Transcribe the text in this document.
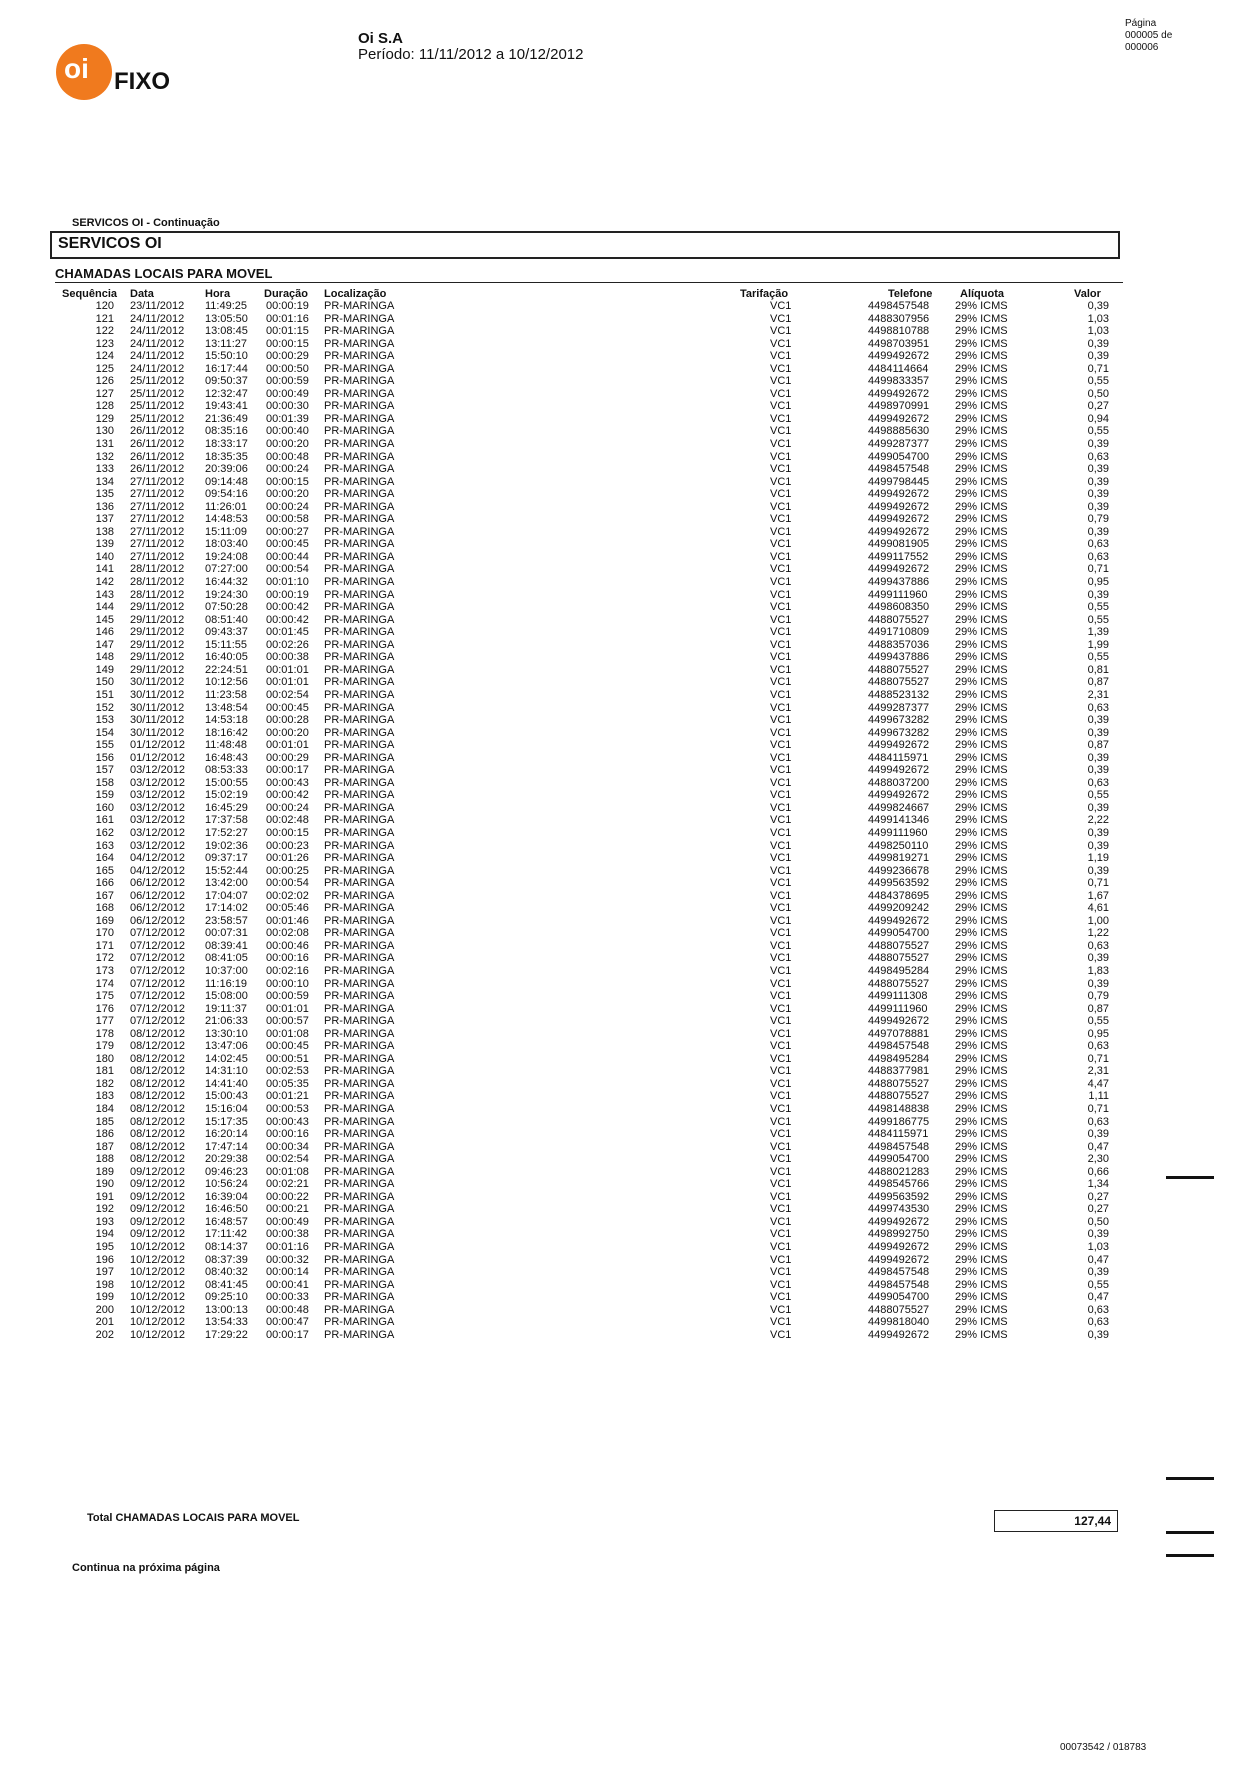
oi FIXO
Oi S.A
Período: 11/11/2012 a 10/12/2012
Página
000005 de
000006
SERVICOS OI - Continuação
SERVICOS OI
CHAMADAS LOCAIS PARA MOVEL
Sequência Data	Hora	Duração Localização	Tarifação	Telefone	Alíquota	Valor
120 23/11/2012 11:49:25 00:00:19 PR-MARINGA	VC1	4498457548 29% ICMS	0,39
121 24/11/2012 13:05:50 00:01:16 PR-MARINGA	VC1	4488307956 29% ICMS	1,03
122 24/11/2012 13:08:45 00:01:15 PR-MARINGA	VC1	4498810788 29% ICMS	1,03
123 24/11/2012 13:11:27 00:00:15 PR-MARINGA	VC1	4498703951 29% ICMS	0,39
124 24/11/2012 15:50:10 00:00:29 PR-MARINGA	VC1	4499492672 29% ICMS	0,39
125 24/11/2012 16:17:44 00:00:50 PR-MARINGA	VC1	4484114664 29% ICMS	0,71
126 25/11/2012 09:50:37 00:00:59 PR-MARINGA	VC1	4499833357 29% ICMS	0,55
127 25/11/2012 12:32:47 00:00:49 PR-MARINGA	VC1	4499492672 29% ICMS	0,50
128 25/11/2012 19:43:41 00:00:30 PR-MARINGA	VC1	4498970991 29% ICMS	0,27
129 25/11/2012 21:36:49 00:01:39 PR-MARINGA	VC1	4499492672 29% ICMS	0,94
130 26/11/2012 08:35:16 00:00:40 PR-MARINGA	VC1	4498885630 29% ICMS	0,55
131 26/11/2012 18:33:17 00:00:20 PR-MARINGA	VC1	4499287377 29% ICMS	0,39
132 26/11/2012 18:35:35 00:00:48 PR-MARINGA	VC1	4499054700 29% ICMS	0,63
133 26/11/2012 20:39:06 00:00:24 PR-MARINGA	VC1	4498457548 29% ICMS	0,39
134 27/11/2012 09:14:48 00:00:15 PR-MARINGA	VC1	4499798445 29% ICMS	0,39
135 27/11/2012 09:54:16 00:00:20 PR-MARINGA	VC1	4499492672 29% ICMS	0,39
136 27/11/2012 11:26:01 00:00:24 PR-MARINGA	VC1	4499492672 29% ICMS	0,39
137 27/11/2012 14:48:53 00:00:58 PR-MARINGA	VC1	4499492672 29% ICMS	0,79
138 27/11/2012 15:11:09 00:00:27 PR-MARINGA	VC1	4499492672 29% ICMS	0,39
139 27/11/2012 18:03:40 00:00:45 PR-MARINGA	VC1	4499081905 29% ICMS	0,63
140 27/11/2012 19:24:08 00:00:44 PR-MARINGA	VC1	4499117552 29% ICMS	0,63
141 28/11/2012 07:27:00 00:00:54 PR-MARINGA	VC1	4499492672 29% ICMS	0,71
142 28/11/2012 16:44:32 00:01:10 PR-MARINGA	VC1	4499437886 29% ICMS	0,95
143 28/11/2012 19:24:30 00:00:19 PR-MARINGA	VC1	4499111960 29% ICMS	0,39
144 29/11/2012 07:50:28 00:00:42 PR-MARINGA	VC1	4498608350 29% ICMS	0,55
145 29/11/2012 08:51:40 00:00:42 PR-MARINGA	VC1	4488075527 29% ICMS	0,55
146 29/11/2012 09:43:37 00:01:45 PR-MARINGA	VC1	4491710809 29% ICMS	1,39
147 29/11/2012 15:11:55 00:02:26 PR-MARINGA	VC1	4488357036 29% ICMS	1,99
148 29/11/2012 16:40:05 00:00:38 PR-MARINGA	VC1	4499437886 29% ICMS	0,55
149 29/11/2012 22:24:51 00:01:01 PR-MARINGA	VC1	4488075527 29% ICMS	0,81
150 30/11/2012 10:12:56 00:01:01 PR-MARINGA	VC1	4488075527 29% ICMS	0,87
151 30/11/2012 11:23:58 00:02:54 PR-MARINGA	VC1	4488523132 29% ICMS	2,31
152 30/11/2012 13:48:54 00:00:45 PR-MARINGA	VC1	4499287377 29% ICMS	0,63
153 30/11/2012 14:53:18 00:00:28 PR-MARINGA	VC1	4499673282 29% ICMS	0,39
154 30/11/2012 18:16:42 00:00:20 PR-MARINGA	VC1	4499673282 29% ICMS	0,39
155 01/12/2012 11:48:48 00:01:01 PR-MARINGA	VC1	4499492672 29% ICMS	0,87
156 01/12/2012 16:48:43 00:00:29 PR-MARINGA	VC1	4484115971 29% ICMS	0,39
157 03/12/2012 08:53:33 00:00:17 PR-MARINGA	VC1	4499492672 29% ICMS	0,39
158 03/12/2012 15:00:55 00:00:43 PR-MARINGA	VC1	4488037200 29% ICMS	0,63
159 03/12/2012 15:02:19 00:00:42 PR-MARINGA	VC1	4499492672 29% ICMS	0,55
160 03/12/2012 16:45:29 00:00:24 PR-MARINGA	VC1	4499824667 29% ICMS	0,39
161 03/12/2012 17:37:58 00:02:48 PR-MARINGA	VC1	4499141346 29% ICMS	2,22
162 03/12/2012 17:52:27 00:00:15 PR-MARINGA	VC1	4499111960 29% ICMS	0,39
163 03/12/2012 19:02:36 00:00:23 PR-MARINGA	VC1	4498250110 29% ICMS	0,39
164 04/12/2012 09:37:17 00:01:26 PR-MARINGA	VC1	4499819271 29% ICMS	1,19
165 04/12/2012 15:52:44 00:00:25 PR-MARINGA	VC1	4499236678 29% ICMS	0,39
166 06/12/2012 13:42:00 00:00:54 PR-MARINGA	VC1	4499563592 29% ICMS	0,71
167 06/12/2012 17:04:07 00:02:02 PR-MARINGA	VC1	4484378695 29% ICMS	1,67
168 06/12/2012 17:14:02 00:05:46 PR-MARINGA	VC1	4499209242 29% ICMS	4,61
169 06/12/2012 23:58:57 00:01:46 PR-MARINGA	VC1	4499492672 29% ICMS	1,00
170 07/12/2012 00:07:31 00:02:08 PR-MARINGA	VC1	4499054700 29% ICMS	1,22
171 07/12/2012 08:39:41 00:00:46 PR-MARINGA	VC1	4488075527 29% ICMS	0,63
172 07/12/2012 08:41:05 00:00:16 PR-MARINGA	VC1	4488075527 29% ICMS	0,39
173 07/12/2012 10:37:00 00:02:16 PR-MARINGA	VC1	4498495284 29% ICMS	1,83
174 07/12/2012 11:16:19 00:00:10 PR-MARINGA	VC1	4488075527 29% ICMS	0,39
175 07/12/2012 15:08:00 00:00:59 PR-MARINGA	VC1	4499111308 29% ICMS	0,79
176 07/12/2012 19:11:37 00:01:01 PR-MARINGA	VC1	4499111960 29% ICMS	0,87
177 07/12/2012 21:06:33 00:00:57 PR-MARINGA	VC1	4499492672 29% ICMS	0,55
178 08/12/2012 13:30:10 00:01:08 PR-MARINGA	VC1	4497078881 29% ICMS	0,95
179 08/12/2012 13:47:06 00:00:45 PR-MARINGA	VC1	4498457548 29% ICMS	0,63
180 08/12/2012 14:02:45 00:00:51 PR-MARINGA	VC1	4498495284 29% ICMS	0,71
181 08/12/2012 14:31:10 00:02:53 PR-MARINGA	VC1	4488377981 29% ICMS	2,31
182 08/12/2012 14:41:40 00:05:35 PR-MARINGA	VC1	4488075527 29% ICMS	4,47
183 08/12/2012 15:00:43 00:01:21 PR-MARINGA	VC1	4488075527 29% ICMS	1,11
184 08/12/2012 15:16:04 00:00:53 PR-MARINGA	VC1	4498148838 29% ICMS	0,71
185 08/12/2012 15:17:35 00:00:43 PR-MARINGA	VC1	4499186775 29% ICMS	0,63
186 08/12/2012 16:20:14 00:00:16 PR-MARINGA	VC1	4484115971 29% ICMS	0,39
187 08/12/2012 17:47:14 00:00:34 PR-MARINGA	VC1	4498457548 29% ICMS	0,47
188 08/12/2012 20:29:38 00:02:54 PR-MARINGA	VC1	4499054700 29% ICMS	2,30
189 09/12/2012 09:46:23 00:01:08 PR-MARINGA	VC1	4488021283 29% ICMS	0,66
190 09/12/2012 10:56:24 00:02:21 PR-MARINGA	VC1	4498545766 29% ICMS	1,34
191 09/12/2012 16:39:04 00:00:22 PR-MARINGA	VC1	4499563592 29% ICMS	0,27
192 09/12/2012 16:46:50 00:00:21 PR-MARINGA	VC1	4499743530 29% ICMS	0,27
193 09/12/2012 16:48:57 00:00:49 PR-MARINGA	VC1	4499492672 29% ICMS	0,50
194 09/12/2012 17:11:42 00:00:38 PR-MARINGA	VC1	4498992750 29% ICMS	0,39
195 10/12/2012 08:14:37 00:01:16 PR-MARINGA	VC1	4499492672 29% ICMS	1,03
196 10/12/2012 08:37:39 00:00:32 PR-MARINGA	VC1	4499492672 29% ICMS	0,47
197 10/12/2012 08:40:32 00:00:14 PR-MARINGA	VC1	4498457548 29% ICMS	0,39
198 10/12/2012 08:41:45 00:00:41 PR-MARINGA	VC1	4498457548 29% ICMS	0,55
199 10/12/2012 09:25:10 00:00:33 PR-MARINGA	VC1	4499054700 29% ICMS	0,47
200 10/12/2012 13:00:13 00:00:48 PR-MARINGA	VC1	4488075527 29% ICMS	0,63
201 10/12/2012 13:54:33 00:00:47 PR-MARINGA	VC1	4499818040 29% ICMS	0,63
202 10/12/2012 17:29:22 00:00:17 PR-MARINGA	VC1	4499492672 29% ICMS	0,39
Total CHAMADAS LOCAIS PARA MOVEL	127,44
Continua na próxima página
00073542 / 018783
